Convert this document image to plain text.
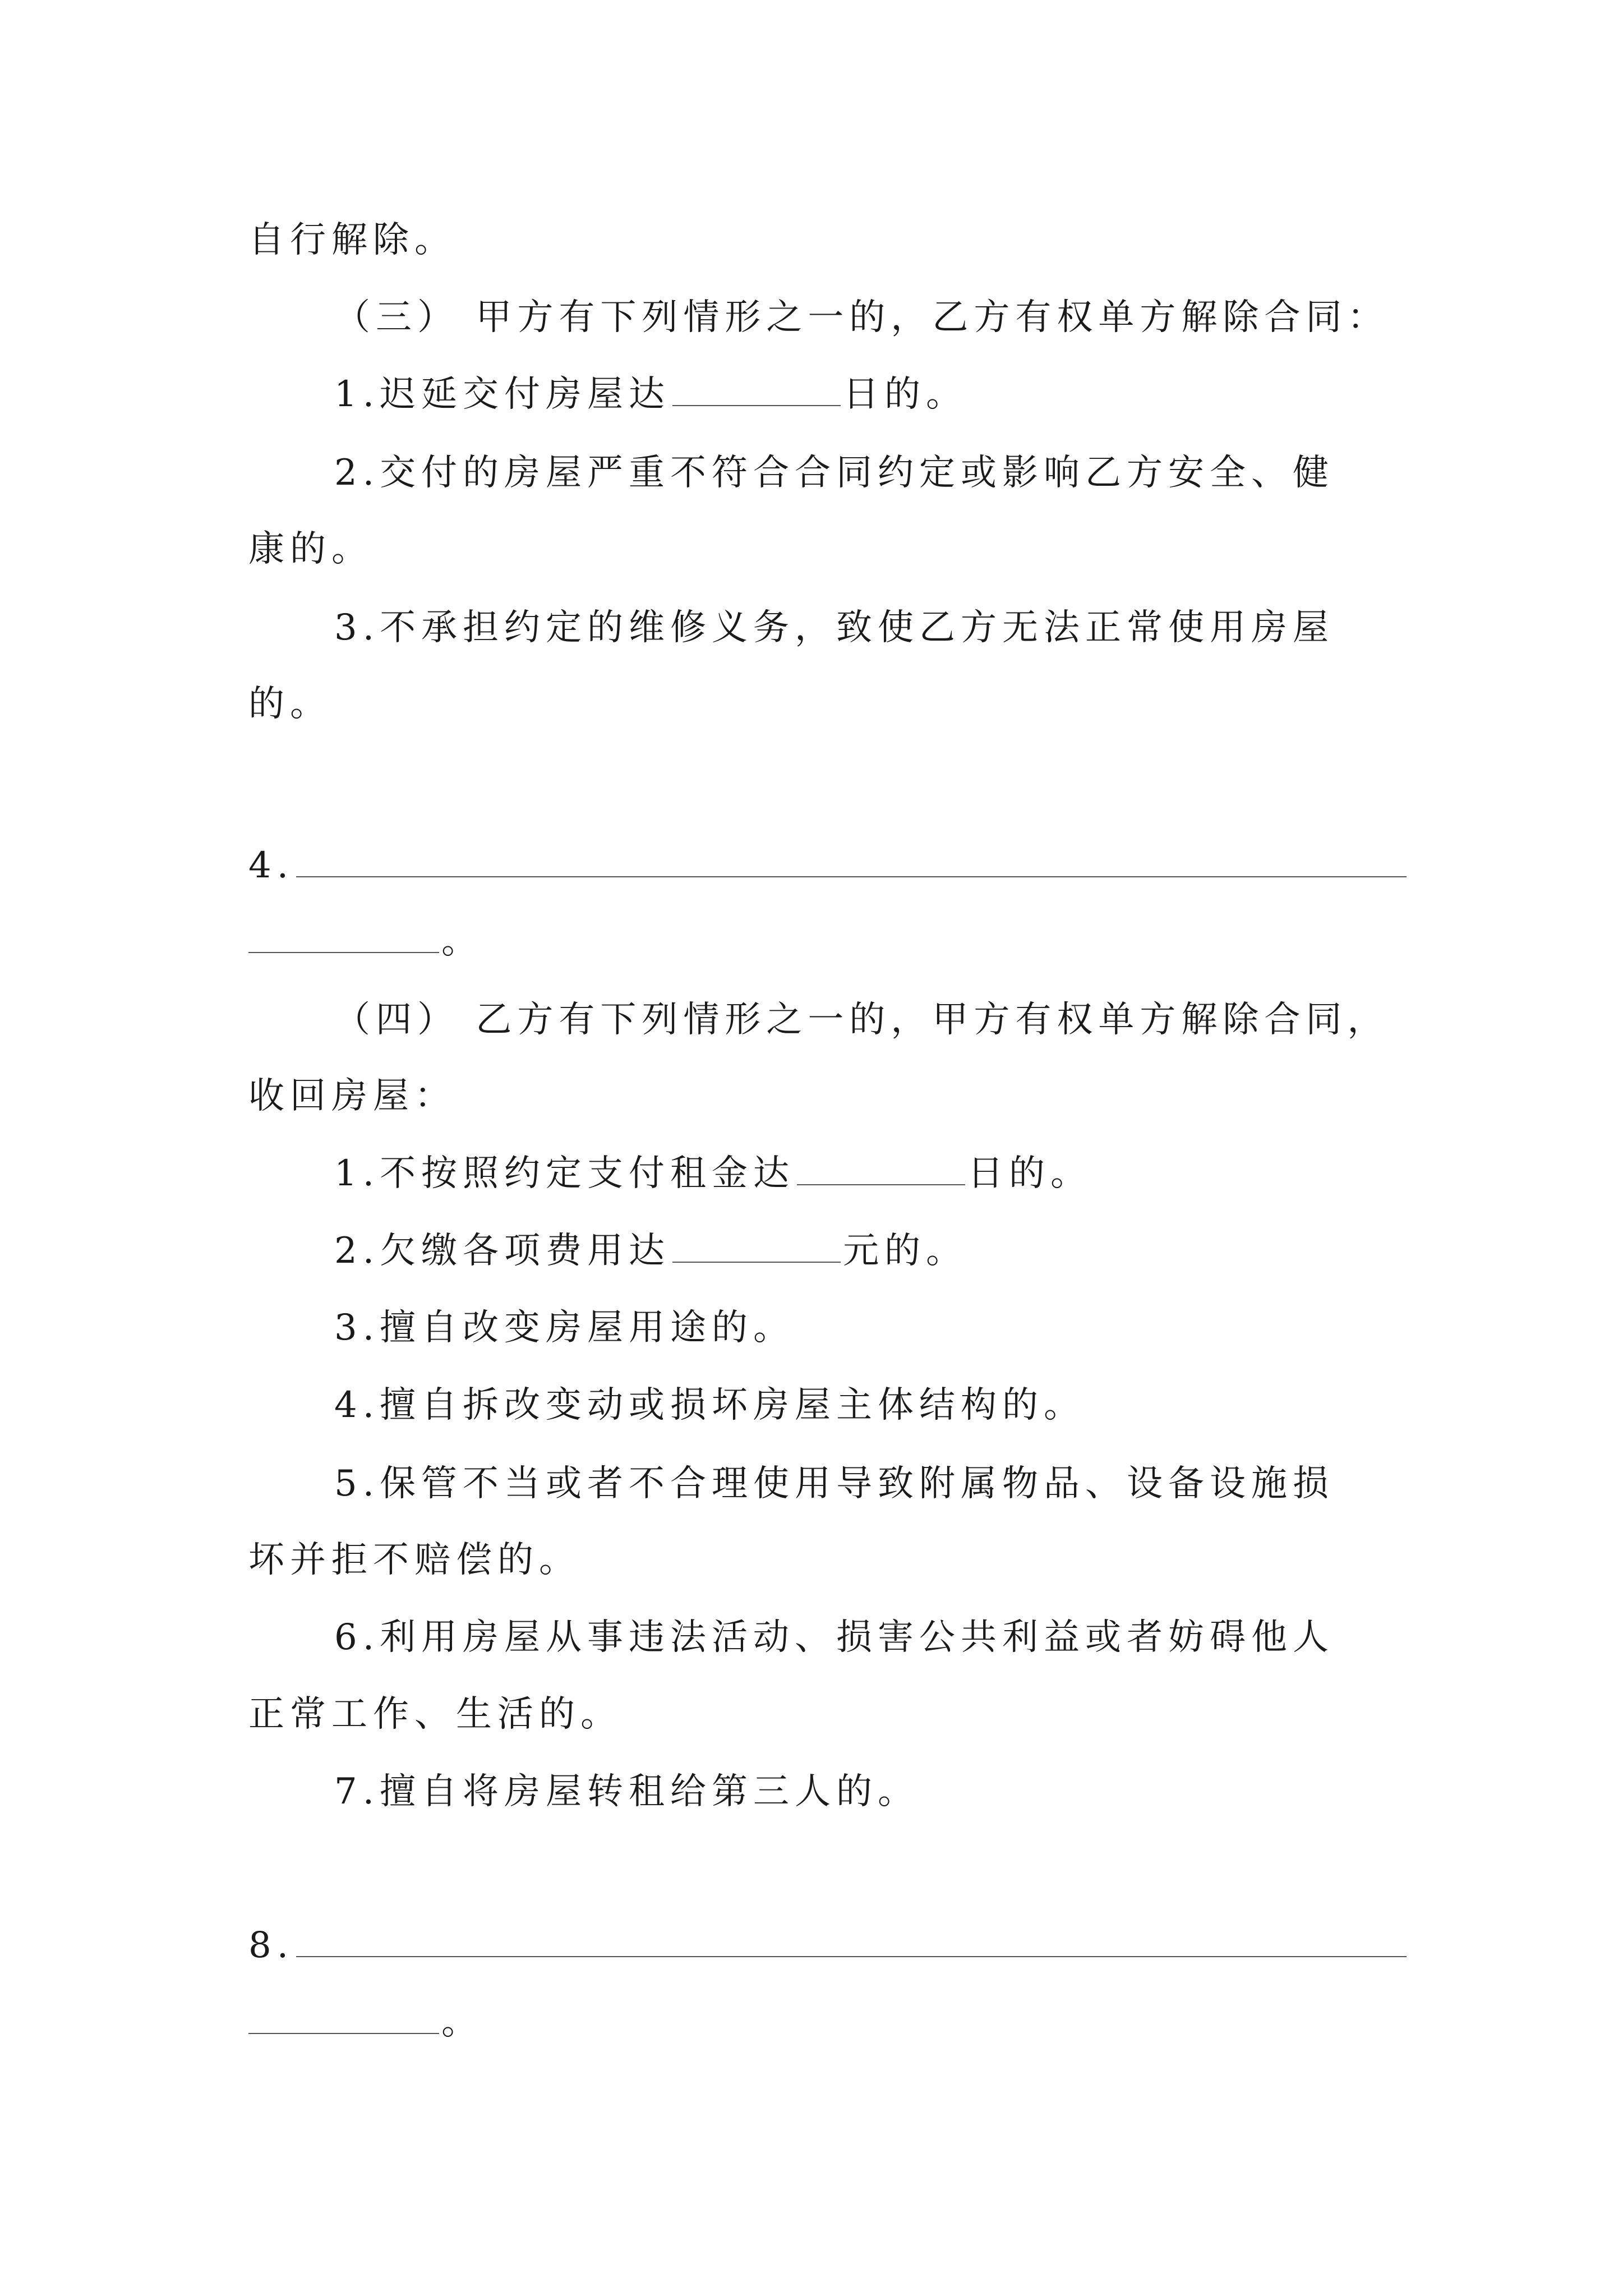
自行解除。
（三） 甲方有下列情形之一的，乙方有权单方解除合同：
1.迟延交付房屋达	日的。
2.交付的房屋严重不符合合同约定或影响乙方安全、健
康的。
3.不承担约定的维修义务，致使乙方无法正常使用房屋
的。
4.
。
（四） 乙方有下列情形之一的，甲方有权单方解除合同，
收回房屋：
1.不按照约定支付租金达	日的。
2.欠缴各项费用达	元的。
3.擅自改变房屋用途的。
4.擅自拆改变动或损坏房屋主体结构的。
5.保管不当或者不合理使用导致附属物品、设备设施损
坏并拒不赔偿的。
6.利用房屋从事违法活动、损害公共利益或者妨碍他人
正常工作、生活的。
7.擅自将房屋转租给第三人的。
8.
。
